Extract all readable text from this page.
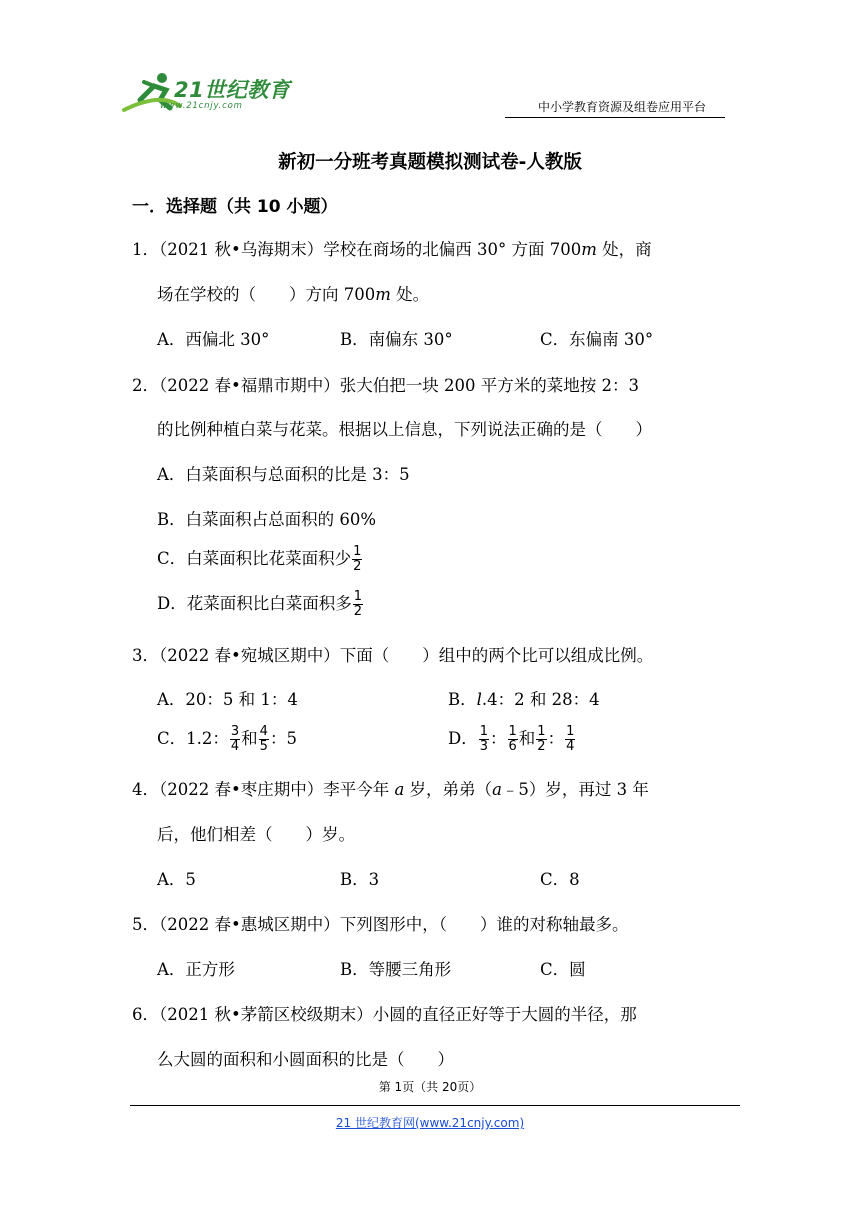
21世纪教育
www.21cnjy.com	中小学教育资源及组卷应用平台
新初一分班考真题模拟测试卷-人教版
一．选择题（共 10 小题）
1．（2021 秋•乌海期末）学校在商场的北偏西 30° 方面 700m 处，商
场在学校的（　　）方向 700m 处。
A．西偏北 30°	B．南偏东 30°	C．东偏南 30°
2．（2022 春•福鼎市期中）张大伯把一块 200 平方米的菜地按 2：3
的比例种植白菜与花菜。根据以上信息，下列说法正确的是（　　）
A．白菜面积与总面积的比是 3：5
B．白菜面积占总面积的 60%
C．白菜面积比花菜面积少 $\frac{1}{2}$
D．花菜面积比白菜面积多 $\frac{1}{2}$
3．（2022 春•宛城区期中）下面（　　）组中的两个比可以组成比例。
A．20：5 和 1：4	B．l.4：2 和 28：4
C．1.2： $\frac{3}{4}$ 和 $\frac{4}{5}$ ：5	D． $\frac{1}{3}$ ： $\frac{1}{6}$ 和 $\frac{1}{2}$ ： $\frac{1}{4}$
4．（2022 春•枣庄期中）李平今年 a 岁，弟弟（a﹣5）岁，再过 3 年
后，他们相差（　　）岁。
A．5	B．3	C．8
5．（2022 春•惠城区期中）下列图形中，（　　）谁的对称轴最多。
A．正方形	B．等腰三角形	C．圆
6．（2021 秋•茅箭区校级期末）小圆的直径正好等于大圆的半径，那
么大圆的面积和小圆面积的比是（　　）
第 1页（共 20页）
21 世纪教育网(www.21cnjy.com)
